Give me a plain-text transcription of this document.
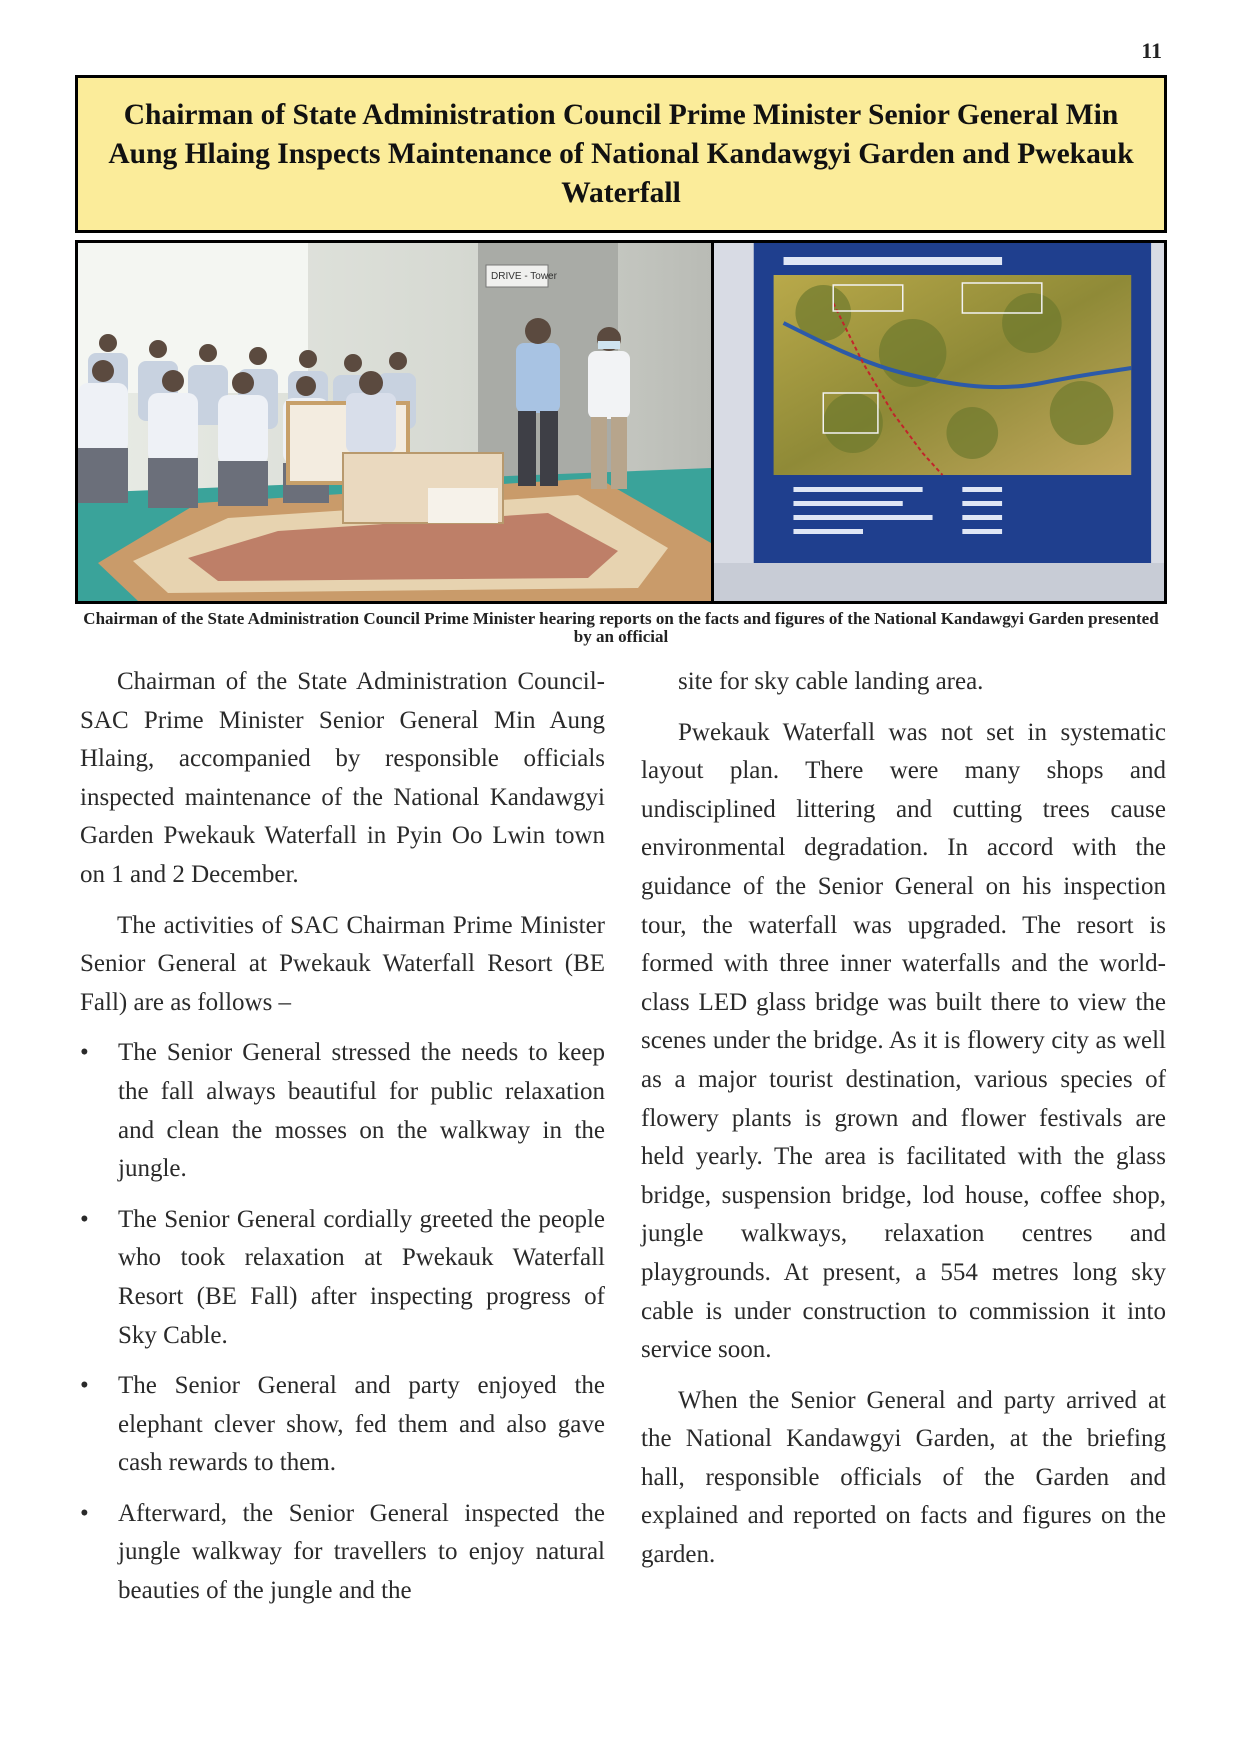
11
Chairman of State Administration Council Prime Minister Senior General Min Aung Hlaing Inspects Maintenance of National Kandawgyi Garden and Pwekauk Waterfall
DRIVE - Tower
Chairman of the State Administration Council Prime Minister hearing reports on the facts and figures of the National Kandawgyi Garden presented by an official

Chairman of the State Administration Council-SAC Prime Minister Senior General Min Aung Hlaing, accompanied by responsible officials inspected maintenance of the National Kandawgyi Garden Pwekauk Waterfall in Pyin Oo Lwin town on 1 and 2 December.

The activities of SAC Chairman Prime Minister Senior General at Pwekauk Waterfall Resort (BE Fall) are as follows –

• The Senior General stressed the needs to keep the fall always beautiful for public relaxation and clean the mosses on the walkway in the jungle.
• The Senior General cordially greeted the people who took relaxation at Pwekauk Waterfall Resort (BE Fall) after inspecting progress of Sky Cable.
• The Senior General and party enjoyed the elephant clever show, fed them and also gave cash rewards to them.
• Afterward, the Senior General inspected the jungle walkway for travellers to enjoy natural beauties of the jungle and the

site for sky cable landing area.

Pwekauk Waterfall was not set in systematic layout plan. There were many shops and undisciplined littering and cutting trees cause environmental degradation. In accord with the guidance of the Senior General on his inspection tour, the waterfall was upgraded. The resort is formed with three inner waterfalls and the world-class LED glass bridge was built there to view the scenes under the bridge. As it is flowery city as well as a major tourist destination, various species of flowery plants is grown and flower festivals are held yearly. The area is facilitated with the glass bridge, suspension bridge, lod house, coffee shop, jungle walkways, relaxation centres and playgrounds. At present, a 554 metres long sky cable is under construction to commission it into service soon.

When the Senior General and party arrived at the National Kandawgyi Garden, at the briefing hall, responsible officials of the Garden and explained and reported on facts and figures on the garden.
